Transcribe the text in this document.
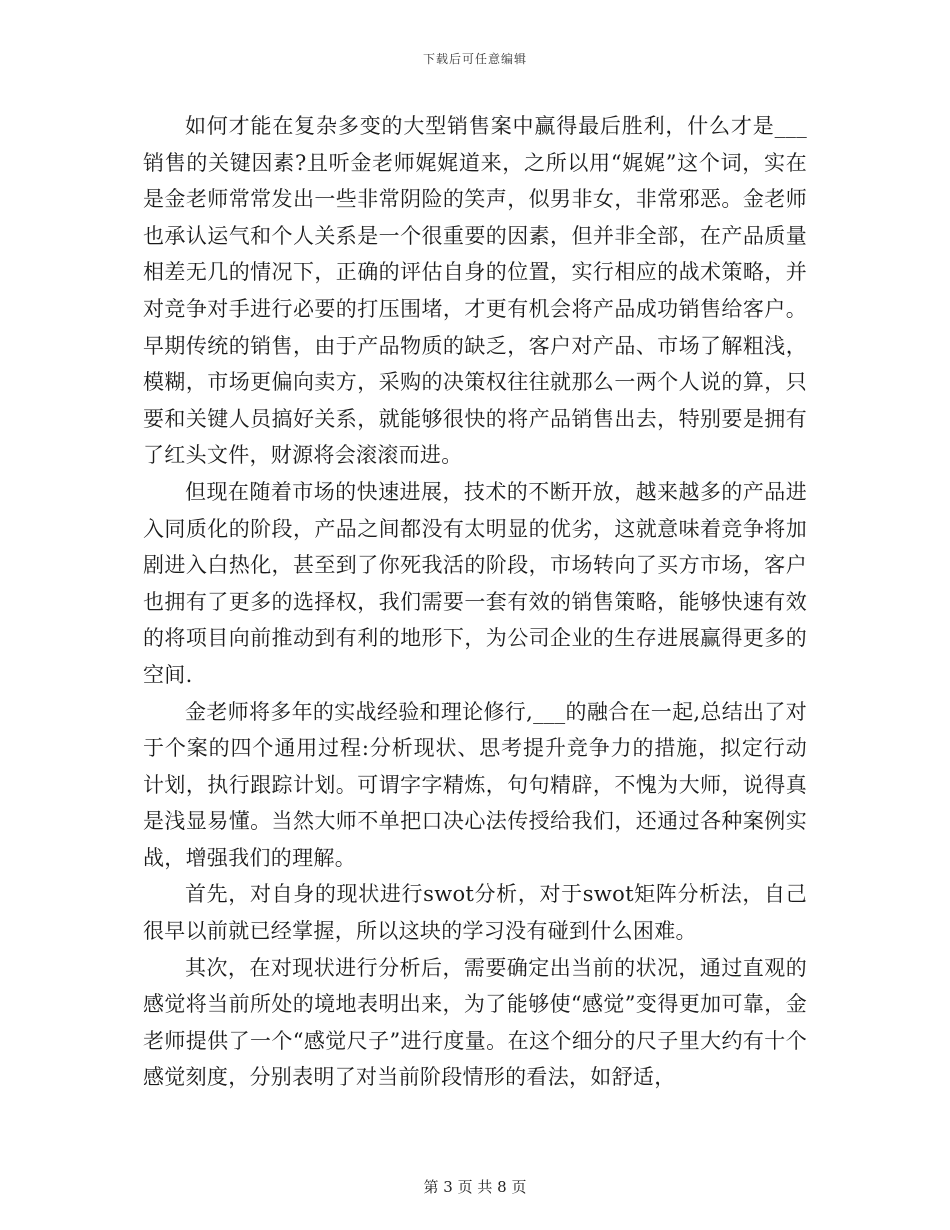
下载后可任意编辑

如何才能在复杂多变的大型销售案中赢得最后胜利，什么才是___销售的关键因素?且听金老师娓娓道来，之所以用“娓娓”这个词，实在是金老师常常发出一些非常阴险的笑声，似男非女，非常邪恶。金老师也承认运气和个人关系是一个很重要的因素，但并非全部，在产品质量相差无几的情况下，正确的评估自身的位置，实行相应的战术策略，并对竞争对手进行必要的打压围堵，才更有机会将产品成功销售给客户。早期传统的销售，由于产品物质的缺乏，客户对产品、市场了解粗浅，模糊，市场更偏向卖方，采购的决策权往往就那么一两个人说的算，只要和关键人员搞好关系，就能够很快的将产品销售出去，特别要是拥有了红头文件，财源将会滚滚而进。

但现在随着市场的快速进展，技术的不断开放，越来越多的产品进入同质化的阶段，产品之间都没有太明显的优劣，这就意味着竞争将加剧进入白热化，甚至到了你死我活的阶段，市场转向了买方市场，客户也拥有了更多的选择权，我们需要一套有效的销售策略，能够快速有效的将项目向前推动到有利的地形下，为公司企业的生存进展赢得更多的空间.

金老师将多年的实战经验和理论修行,___的融合在一起,总结出了对于个案的四个通用过程:分析现状、思考提升竞争力的措施，拟定行动计划，执行跟踪计划。可谓字字精炼，句句精辟，不愧为大师，说得真是浅显易懂。当然大师不单把口决心法传授给我们，还通过各种案例实战，增强我们的理解。

首先，对自身的现状进行swot分析，对于swot矩阵分析法，自己很早以前就已经掌握，所以这块的学习没有碰到什么困难。

其次，在对现状进行分析后，需要确定出当前的状况，通过直观的感觉将当前所处的境地表明出来，为了能够使“感觉”变得更加可靠，金老师提供了一个“感觉尺子”进行度量。在这个细分的尺子里大约有十个感觉刻度，分别表明了对当前阶段情形的看法，如舒适，

第 3 页 共 8 页
